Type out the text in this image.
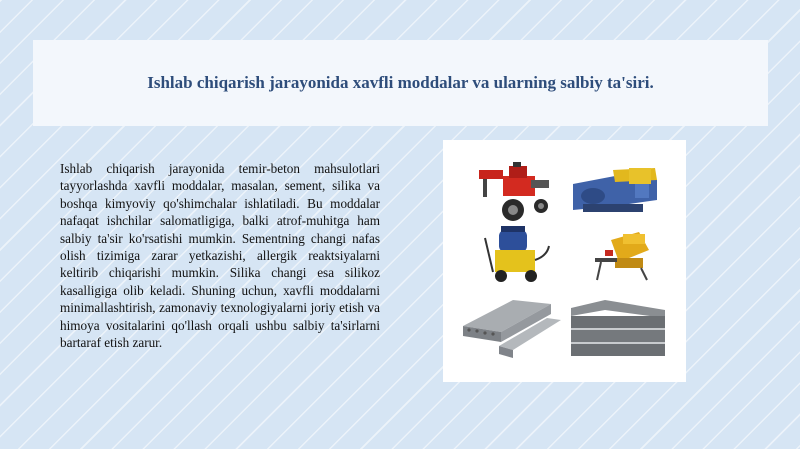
Ishlab chiqarish jarayonida xavfli moddalar va ularning salbiy ta'siri.

Ishlab chiqarish jarayonida temir-beton mahsulotlari tayyorlashda xavfli moddalar, masalan, sement, silika va boshqa kimyoviy qo'shimchalar ishlatiladi. Bu moddalar nafaqat ishchilar salomatligiga, balki atrof-muhitga ham salbiy ta'sir ko'rsatishi mumkin. Sementning changi nafas olish tizimiga zarar yetkazishi, allergik reaktsiyalarni keltirib chiqarishi mumkin. Silika changi esa silikoz kasalligiga olib keladi. Shuning uchun, xavfli moddalarni minimallashtirish, zamonaviy texnologiyalarni joriy etish va himoya vositalarini qo'llash orqali ushbu salbiy ta'sirlarni bartaraf etish zarur.
